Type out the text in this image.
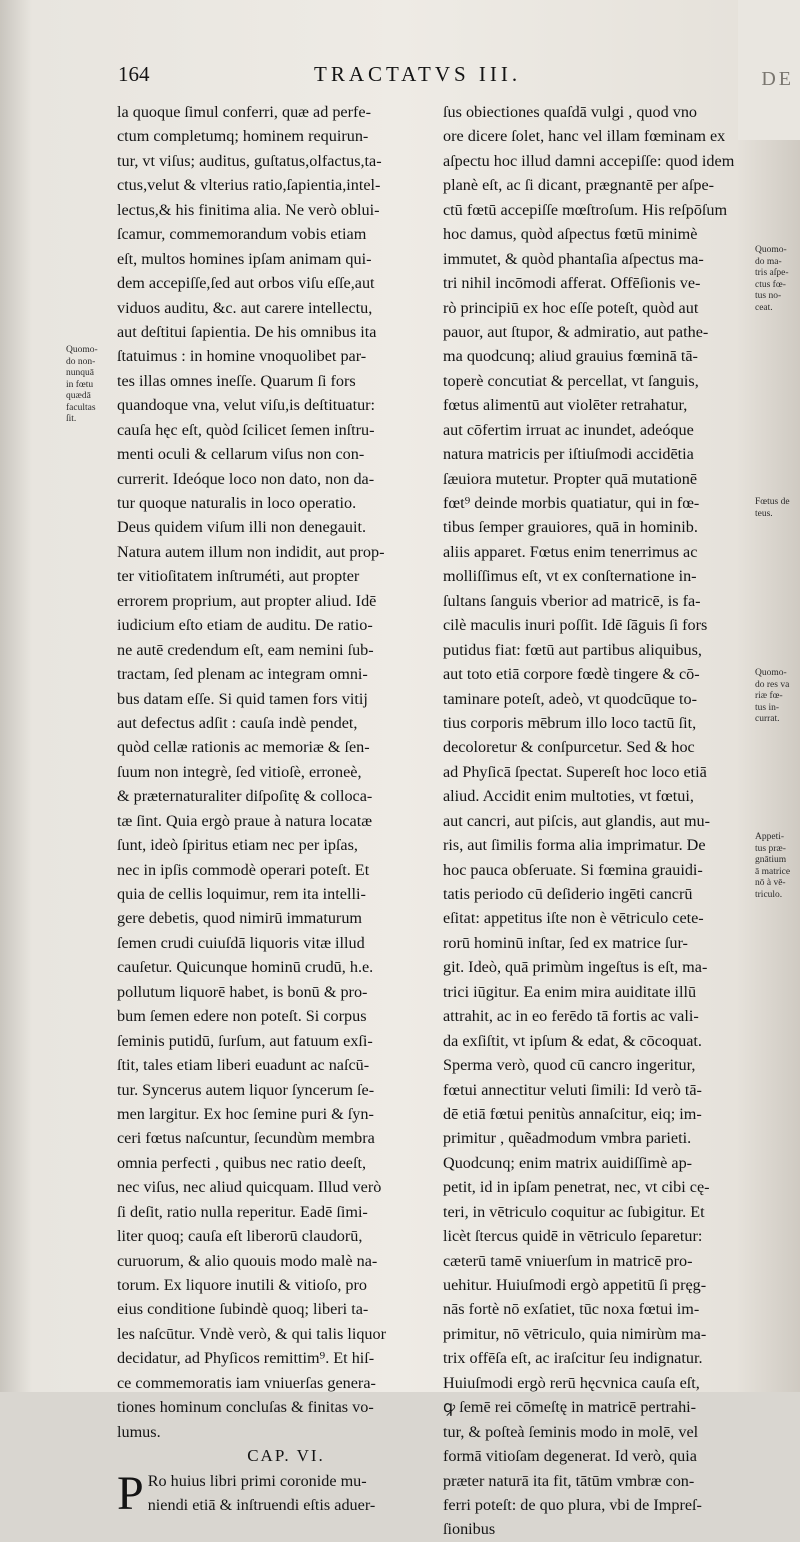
DE
164	TRACTATVS III.
la quoque ſimul conferri, quæ ad perfe-
ctum completumq; hominem requirun-
tur, vt viſus; auditus, guſtatus,olfactus,ta-
ctus,velut & vlterius ratio,ſapientia,intel-
lectus,& his finitima alia. Ne verò oblui-
ſcamur, commemorandum vobis etiam
eſt, multos homines ipſam animam qui-
dem accepiſſe,ſed aut orbos viſu eſſe,aut
viduos auditu, &c. aut carere intellectu,
aut deſtitui ſapientia. De his omnibus ita
ſtatuimus : in homine vnoquolibet par-
tes illas omnes ineſſe. Quarum ſi fors
quandoque vna, velut viſu,is deſtituatur:
cauſa hęc eſt, quòd ſcilicet ſemen inſtru-
menti oculi & cellarum viſus non con-
currerit. Ideóque loco non dato, non da-
tur quoque naturalis in loco operatio.
Deus quidem viſum illi non denegauit.
Natura autem illum non indidit, aut prop-
ter vitioſitatem inſtruméti, aut propter
errorem proprium, aut propter aliud. Idē
iudicium eſto etiam de auditu. De ratio-
ne autē credendum eſt, eam nemini ſub-
tractam, ſed plenam ac integram omni-
bus datam eſſe. Si quid tamen fors vitij
aut defectus adſit : cauſa indè pendet,
quòd cellæ rationis ac memoriæ & ſen-
ſuum non integrè, ſed vitioſè, erroneè,
& præternaturaliter diſpoſitę & colloca-
tæ ſint. Quia ergò praue à natura locatæ
ſunt, ideò ſpiritus etiam nec per ipſas,
nec in ipſis commodè operari poteſt. Et
quia de cellis loquimur, rem ita intelli-
gere debetis, quod nimirū immaturum
ſemen crudi cuiuſdā liquoris vitæ illud
cauſetur. Quicunque hominū crudū, h.e.
pollutum liquorē habet, is bonū & pro-
bum ſemen edere non poteſt. Si corpus
ſeminis putidū, ſurſum, aut fatuum exſi-
ſtit, tales etiam liberi euadunt ac naſcū-
tur. Syncerus autem liquor ſyncerum ſe-
men largitur. Ex hoc ſemine puri & ſyn-
ceri fœtus naſcuntur, ſecundùm membra
omnia perfecti , quibus nec ratio deeſt,
nec viſus, nec aliud quicquam. Illud verò
ſi deſit, ratio nulla reperitur. Eadē ſimi-
liter quoq; cauſa eſt liberorū claudorū,
curuorum, & alio quouis modo malè na-
torum. Ex liquore inutili & vitioſo, pro
eius conditione ſubindè quoq; liberi ta-
les naſcūtur. Vndè verò, & qui talis liquor
decidatur, ad Phyſicos remittim⁹. Et hiſ-
ce commemoratis iam vniuerſas genera-
tiones hominum concluſas & finitas vo-
lumus.
CAP. VI.
P Ro huius libri primi coronide mu-
niendi etiā & inſtruendi eſtis aduer-
ſus obiectiones quaſdā vulgi , quod vno
ore dicere ſolet, hanc vel illam fœminam ex
aſpectu hoc illud damni accepiſſe: quod idem
planè eſt, ac ſi dicant, prægnantē per aſpe-
ctū fœtū accepiſſe mœſtroſum. His reſpōſum
hoc damus, quòd aſpectus fœtū minimè
immutet, & quòd phantaſia aſpectus ma-
tri nihil incōmodi afferat. Offēſionis ve-
rò principiū ex hoc eſſe poteſt, quòd aut
pauor, aut ſtupor, & admiratio, aut pathe-
ma quodcunq; aliud grauius fœminā tā-
toperè concutiat & percellat, vt ſanguis,
fœtus alimentū aut violēter retrahatur,
aut cōfertim irruat ac inundet, adeóque
natura matricis per iſtiuſmodi accidētia
ſæuiora mutetur. Propter quā mutationē
fœt⁹ deinde morbis quatiatur, qui in fœ-
tibus ſemper grauiores, quā in hominib.
aliis apparet. Fœtus enim tenerrimus ac
molliſſimus eſt, vt ex conſternatione in-
ſultans ſanguis vberior ad matricē, is fa-
cilè maculis inuri poſſit. Idē ſāguis ſi fors
putidus fiat: fœtū aut partibus aliquibus,
aut toto etiā corpore fœdè tingere & cō-
taminare poteſt, adeò, vt quodcūque to-
tius corporis mēbrum illo loco tactū ſit,
decoloretur & conſpurcetur. Sed & hoc
ad Phyſicā ſpectat. Supereſt hoc loco etiā
aliud. Accidit enim multoties, vt fœtui,
aut cancri, aut piſcis, aut glandis, aut mu-
ris, aut ſimilis forma alia imprimatur. De
hoc pauca obſeruate. Si fœmina grauidi-
tatis periodo cū deſiderio ingēti cancrū
eſitat: appetitus iſte non è vētriculo cete-
rorū hominū inſtar, ſed ex matrice ſur-
git. Ideò, quā primùm ingeſtus is eſt, ma-
trici iūgitur. Ea enim mira auiditate illū
attrahit, ac in eo ferēdo tā fortis ac vali-
da exſiſtit, vt ipſum & edat, & cōcoquat.
Sperma verò, quod cū cancro ingeritur,
fœtui annectitur veluti ſimili: Id verò tā-
dē etiā fœtui penitùs annaſcitur, eiq; im-
primitur , quẽadmodum vmbra parieti.
Quodcunq; enim matrix auidiſſimè ap-
petit, id in ipſam penetrat, nec, vt cibi cę-
teri, in vētriculo coquitur ac ſubigitur. Et
licèt ſtercus quidē in vētriculo ſeparetur:
cæterū tamē vniuerſum in matricē pro-
uehitur. Huiuſmodi ergò appetitū ſi pręg-
nās fortè nō exſatiet, tūc noxa fœtui im-
primitur, nō vētriculo, quia nimirùm ma-
trix offēſa eſt, ac iraſcitur ſeu indignatur.
Huiuſmodi ergò rerū hęcvnica cauſa eſt,
ꝙ ſemē rei cōmeſtę in matricē pertrahi-
tur, & poſteà ſeminis modo in molē, vel
formā vitioſam degenerat. Id verò, quia
præter naturā ita fit, tātūm vmbræ con-
ferri poteſt: de quo plura, vbi de Impreſ-
ſionibus
Quomo-
do non-
nunquā
in fœtu
quædā
facultas
ſit.
Quomo-
do ma-
tris aſpe-
ctus fœ-
tus no-
ceat.
Fœtus de
teus.
Quomo-
do res va
riæ fœ-
tus in-
currat.
Appeti-
tus præ-
gnātium
ā matrice
nō à vē-
triculo.
